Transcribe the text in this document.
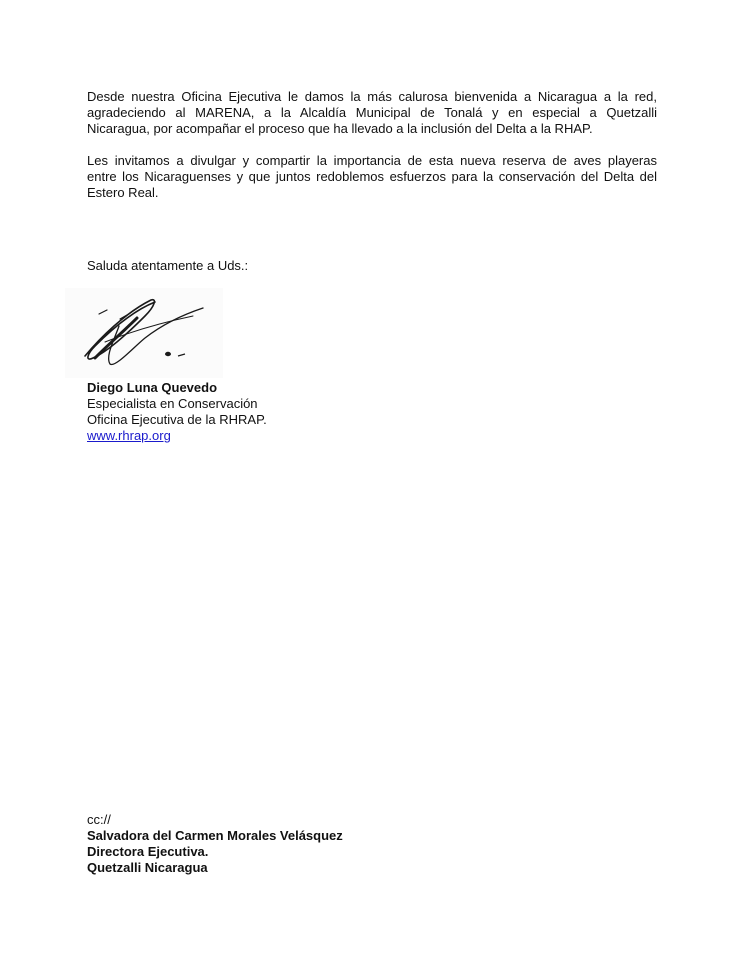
Desde nuestra Oficina Ejecutiva le damos la más calurosa bienvenida a Nicaragua a la red,
agradeciendo al MARENA, a la Alcaldía Municipal de Tonalá y en especial a Quetzalli
Nicaragua, por acompañar el proceso que ha llevado a la inclusión del Delta a la RHAP.
Les invitamos a divulgar y compartir la importancia de esta nueva reserva de aves playeras
entre los Nicaraguenses y que juntos redoblemos esfuerzos para la conservación del Delta del
Estero Real.
Saluda atentamente a Uds.:
Diego Luna Quevedo
Especialista en Conservación
Oficina Ejecutiva de la RHRAP.
www.rhrap.org
cc://
Salvadora del Carmen Morales Velásquez
Directora Ejecutiva.
Quetzalli Nicaragua
